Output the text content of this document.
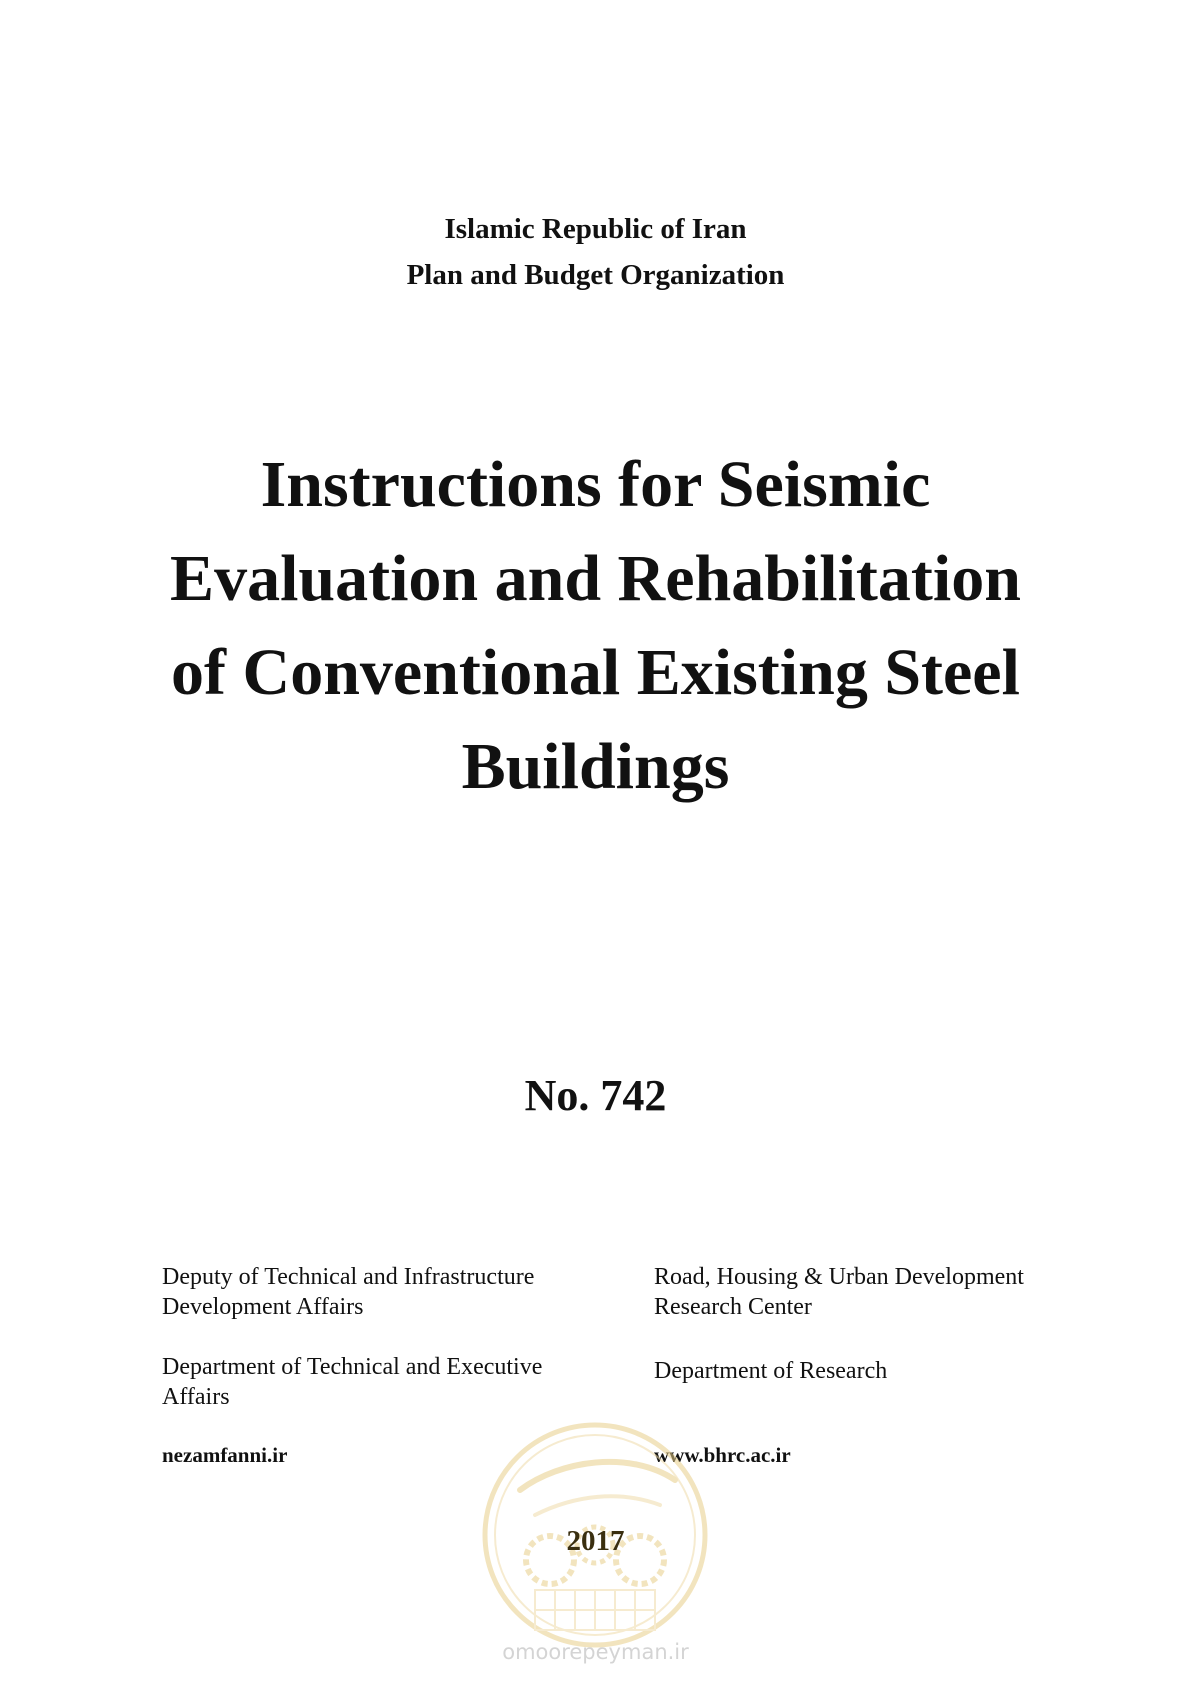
Islamic Republic of Iran
Plan and Budget Organization
Instructions for Seismic
Evaluation and Rehabilitation
of Conventional Existing Steel
Buildings
No. 742
Deputy of Technical and Infrastructure
Development Affairs
Department of Technical and Executive
Affairs
nezamfanni.ir
Road, Housing & Urban Development
Research Center
Department of Research
www.bhrc.ac.ir
2017
omoorepeyman.ir
